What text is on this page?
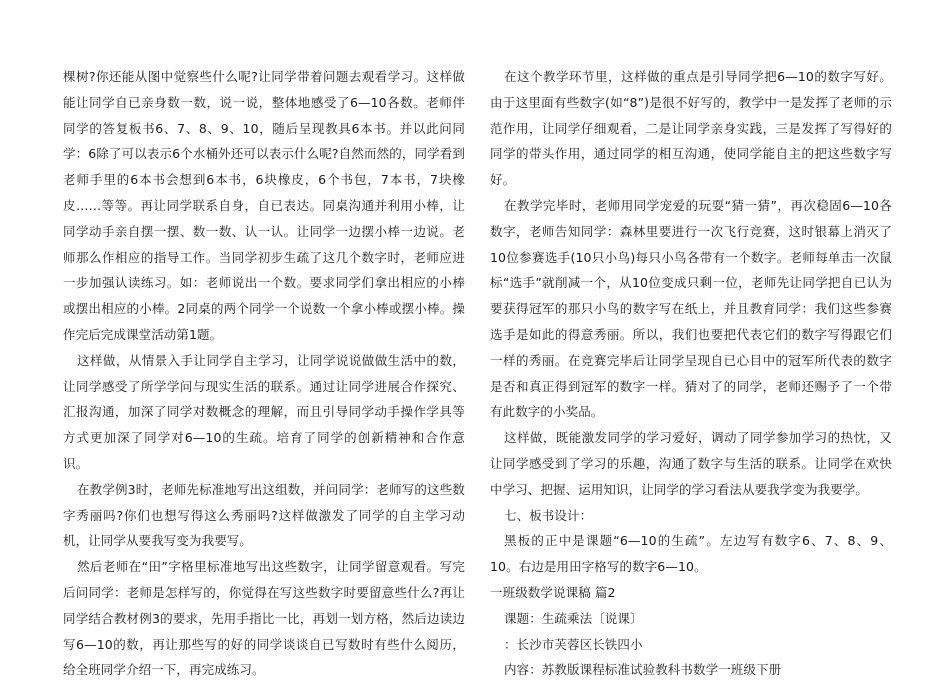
棵树?你还能从图中觉察些什么呢?让同学带着问题去观看学习。这样做能让同学自已亲身数一数，说一说，整体地感受了6—10各数。老师伴同学的答复板书6、7、8、9、10，随后呈现教具6本书。并以此问同学：6除了可以表示6个水桶外还可以表示什么呢?自然而然的，同学看到老师手里的6本书会想到6本书，6块橡皮，6个书包，7本书，7块橡皮……等等。再让同学联系自身，自已表达。同桌沟通并利用小棒，让同学动手亲自摆一摆、数一数、认一认。让同学一边摆小棒一边说。老师那么作相应的指导工作。当同学初步生疏了这几个数字时，老师应进一步加强认读练习。如：老师说出一个数。要求同学们拿出相应的小棒或摆出相应的小棒。2同桌的两个同学一个说数一个拿小棒或摆小棒。操作完后完成课堂活动第1题。

这样做，从情景入手让同学自主学习，让同学说说做做生活中的数，让同学感受了所学学问与现实生活的联系。通过让同学进展合作探究、汇报沟通，加深了同学对数概念的理解，而且引导同学动手操作学具等方式更加深了同学对6—10的生疏。培育了同学的创新精神和合作意识。

在教学例3时，老师先标准地写出这组数，并问同学：老师写的这些数字秀丽吗?你们也想写得这么秀丽吗?这样做激发了同学的自主学习动机，让同学从要我写变为我要写。

然后老师在“田”字格里标准地写出这些数字，让同学留意观看。写完后问同学：老师是怎样写的，你觉得在写这些数字时要留意些什么?再让同学结合教材例3的要求，先用手指比一比，再划一划方格，然后边读边写6—10的数，再让那些写的好的同学谈谈自已写数时有些什么阅历，给全班同学介绍一下，再完成练习。

在这个教学环节里，这样做的重点是引导同学把6—10的数字写好。由于这里面有些数字(如“8”)是很不好写的，教学中一是发挥了老师的示范作用，让同学仔细观看，二是让同学亲身实践，三是发挥了写得好的同学的带头作用，通过同学的相互沟通，使同学能自主的把这些数字写好。

在教学完毕时，老师用同学宠爱的玩耍“猜一猜”，再次稳固6—10各数字，老师告知同学：森林里要进行一次飞行竞赛，这时银幕上消灭了10位参赛选手(10只小鸟)每只小鸟各带有一个数字。老师每单击一次鼠标“选手”就削减一个，从10位变成只剩一位，老师先让同学把自已认为要获得冠军的那只小鸟的数字写在纸上，并且教育同学：我们这些参赛选手是如此的得意秀丽。所以，我们也要把代表它们的数字写得跟它们一样的秀丽。在竞赛完毕后让同学呈现自已心目中的冠军所代表的数字是否和真正得到冠军的数字一样。猜对了的同学，老师还赐予了一个带有此数字的小奖品。

这样做，既能激发同学的学习爱好，调动了同学参加学习的热忱，又让同学感受到了学习的乐趣，沟通了数字与生活的联系。让同学在欢快中学习、把握、运用知识，让同学的学习看法从要我学变为我要学。

七、板书设计：

黑板的正中是课题“6—10的生疏”。左边写有数字6、7、8、9、10。右边是用田字格写的数字6—10。

一班级数学说课稿 篇2

课题：生疏乘法〔说课〕

：长沙市芙蓉区长铁四小

内容：苏教版课程标准试验教科书数学一班级下册
